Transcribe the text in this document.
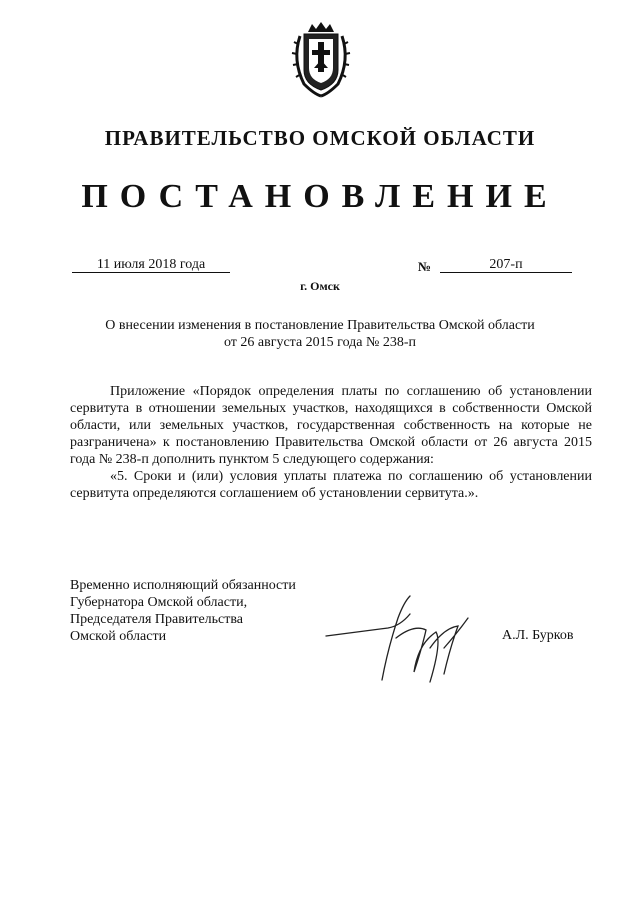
ПРАВИТЕЛЬСТВО ОМСКОЙ ОБЛАСТИ
ПОСТАНОВЛЕНИЕ
11 июля 2018 года	№	207-п
г. Омск
О внесении изменения в постановление Правительства Омской области
от 26 августа 2015 года № 238-п

Приложение «Порядок определения платы по соглашению об установлении сервитута в отношении земельных участков, находящихся в собственности Омской области, или земельных участков, государственная собственность на которые не разграничена» к постановлению Правительства Омской области от 26 августа 2015 года № 238-п дополнить пунктом 5 следующего содержания:

«5. Сроки и (или) условия уплаты платежа по соглашению об установлении сервитута определяются соглашением об установлении сервитута.».

Временно исполняющий обязанности
Губернатора Омской области,
Председателя Правительства
Омской области	А.Л. Бурков
